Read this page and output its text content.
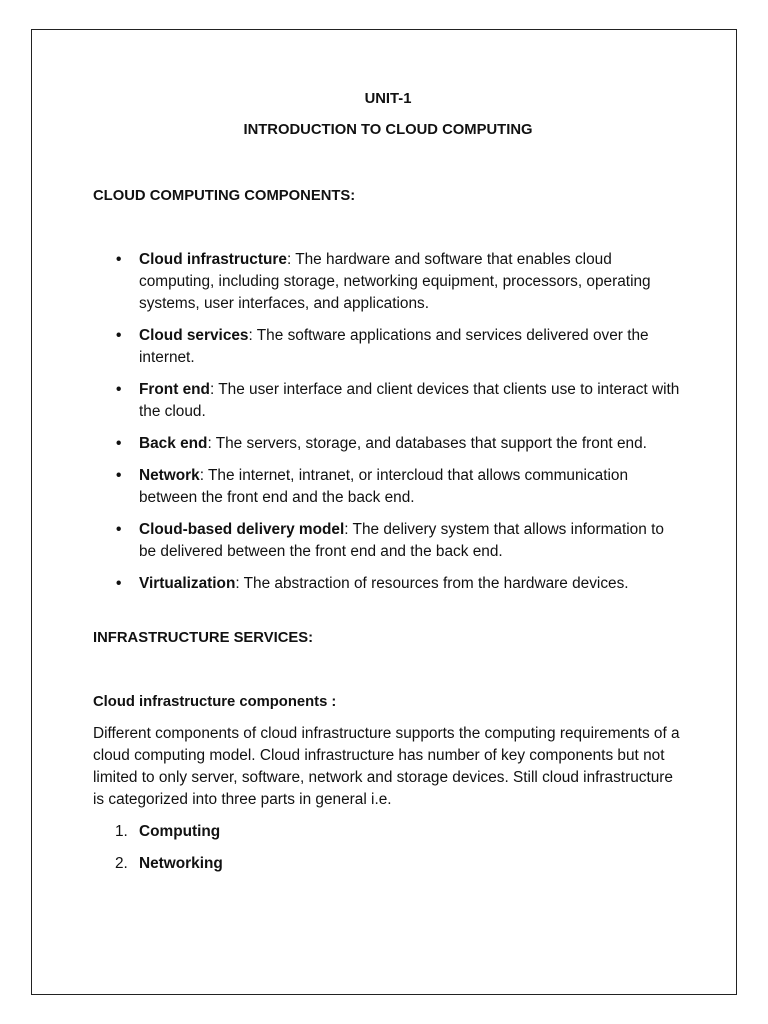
UNIT-1

INTRODUCTION TO CLOUD COMPUTING

CLOUD COMPUTING COMPONENTS:

• Cloud infrastructure: The hardware and software that enables cloud computing, including storage, networking equipment, processors, operating systems, user interfaces, and applications.
• Cloud services: The software applications and services delivered over the internet.
• Front end: The user interface and client devices that clients use to interact with the cloud.
• Back end: The servers, storage, and databases that support the front end.
• Network: The internet, intranet, or intercloud that allows communication between the front end and the back end.
• Cloud-based delivery model: The delivery system that allows information to be delivered between the front end and the back end.
• Virtualization: The abstraction of resources from the hardware devices.

INFRASTRUCTURE SERVICES:

Cloud infrastructure components :

Different components of cloud infrastructure supports the computing requirements of a cloud computing model. Cloud infrastructure has number of key components but not limited to only server, software, network and storage devices. Still cloud infrastructure is categorized into three parts in general i.e.

1. Computing
2. Networking
